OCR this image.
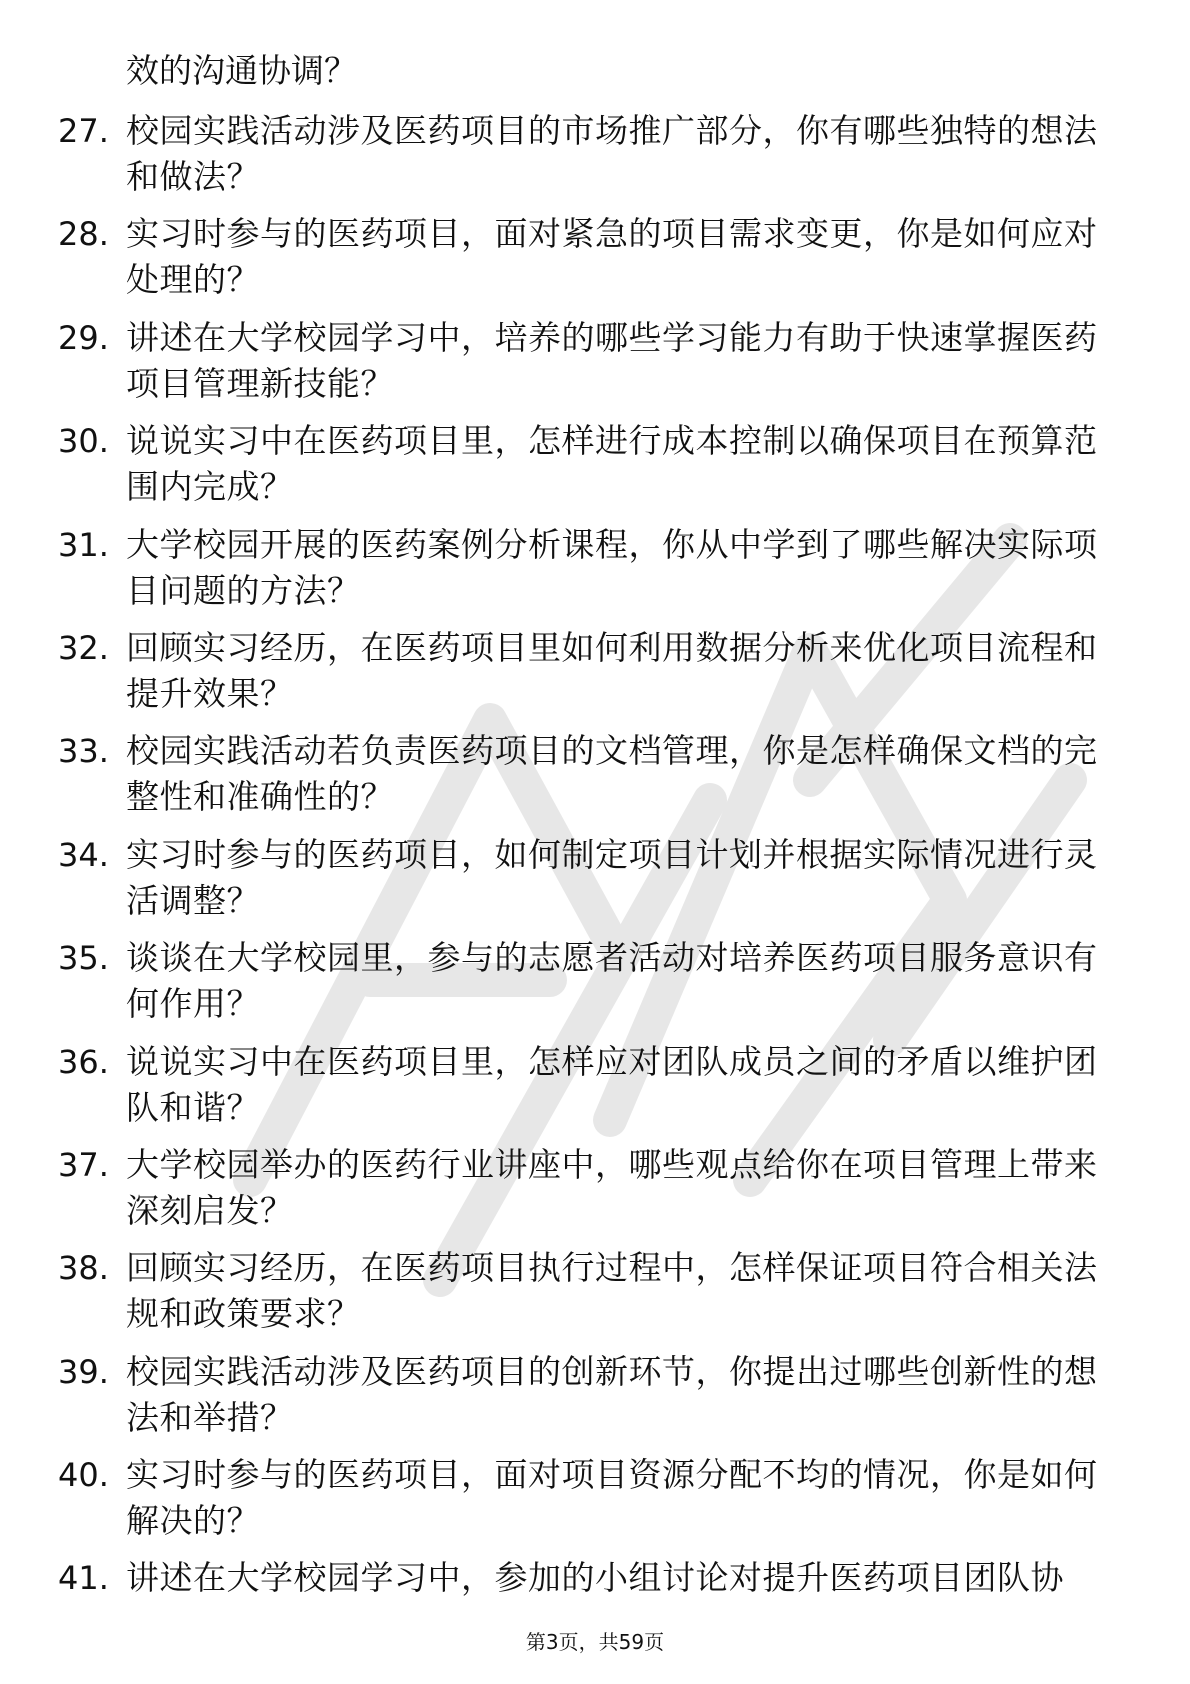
效的沟通协调？
27. 校园实践活动涉及医药项目的市场推广部分，你有哪些独特的想法和做法？
28. 实习时参与的医药项目，面对紧急的项目需求变更，你是如何应对处理的？
29. 讲述在大学校园学习中，培养的哪些学习能力有助于快速掌握医药项目管理新技能？
30. 说说实习中在医药项目里，怎样进行成本控制以确保项目在预算范围内完成？
31. 大学校园开展的医药案例分析课程，你从中学到了哪些解决实际项目问题的方法？
32. 回顾实习经历，在医药项目里如何利用数据分析来优化项目流程和提升效果？
33. 校园实践活动若负责医药项目的文档管理，你是怎样确保文档的完整性和准确性的？
34. 实习时参与的医药项目，如何制定项目计划并根据实际情况进行灵活调整？
35. 谈谈在大学校园里，参与的志愿者活动对培养医药项目服务意识有何作用？
36. 说说实习中在医药项目里，怎样应对团队成员之间的矛盾以维护团队和谐？
37. 大学校园举办的医药行业讲座中，哪些观点给你在项目管理上带来深刻启发？
38. 回顾实习经历，在医药项目执行过程中，怎样保证项目符合相关法规和政策要求？
39. 校园实践活动涉及医药项目的创新环节，你提出过哪些创新性的想法和举措？
40. 实习时参与的医药项目，面对项目资源分配不均的情况，你是如何解决的？
41. 讲述在大学校园学习中，参加的小组讨论对提升医药项目团队协
第3页，共59页
